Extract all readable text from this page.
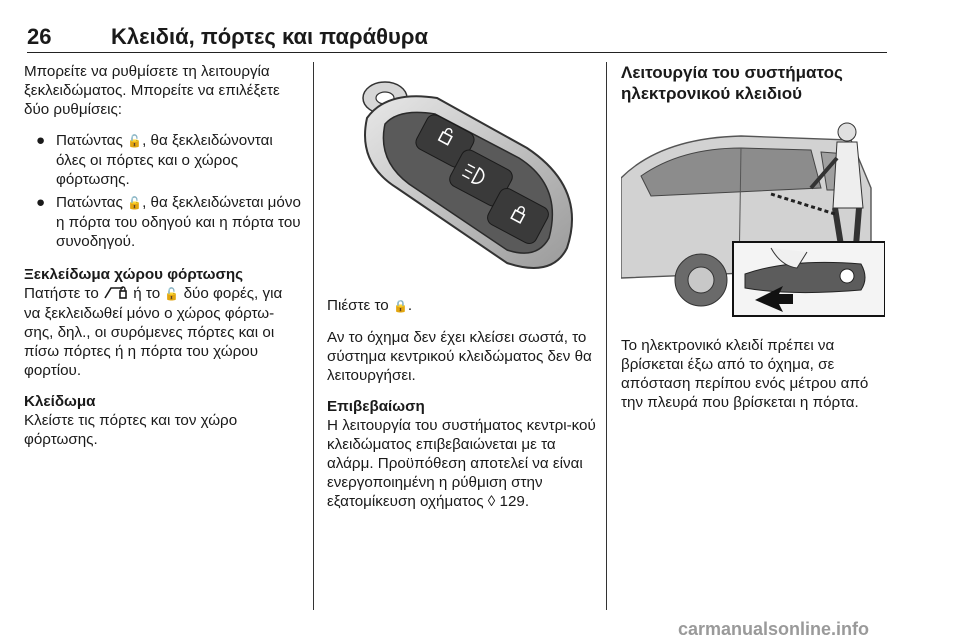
26	Κλειδιά, πόρτες και παράθυρα

Μπορείτε να ρυθμίσετε τη λειτουργία ξεκλειδώματος. Μπορείτε να επιλέξετε δύο ρυθμίσεις:

● Πατώντας 🔓, θα ξεκλειδώνονται όλες οι πόρτες και ο χώρος φόρτωσης.
● Πατώντας 🔓, θα ξεκλειδώνεται μόνο η πόρτα του οδηγού και η πόρτα του συνοδηγού.
Ξεκλείδωμα χώρου φόρτωσης

Πατήστε το ή το 🔓 δύο φορές, για να ξεκλειδωθεί μόνο ο χώρος φόρτω-σης, δηλ., οι συρόμενες πόρτες και οι πίσω πόρτες ή η πόρτα του χώρου φορτίου.

Κλείδωμα

Κλείστε τις πόρτες και τον χώρο φόρτωσης.

Πιέστε το 🔒.

Αν το όχημα δεν έχει κλείσει σωστά, το σύστημα κεντρικού κλειδώματος δεν θα λειτουργήσει.

Επιβεβαίωση

Η λειτουργία του συστήματος κεντρι-κού κλειδώματος επιβεβαιώνεται με τα αλάρμ. Προϋπόθεση αποτελεί να είναι ενεργοποιημένη η ρύθμιση στην εξατομίκευση οχήματος ◊ 129.

Λειτουργία του συστήματος ηλεκτρονικού κλειδιού

Το ηλεκτρονικό κλειδί πρέπει να βρίσκεται έξω από το όχημα, σε απόσταση περίπου ενός μέτρου από την πλευρά που βρίσκεται η πόρτα.

carmanualsonline.info
